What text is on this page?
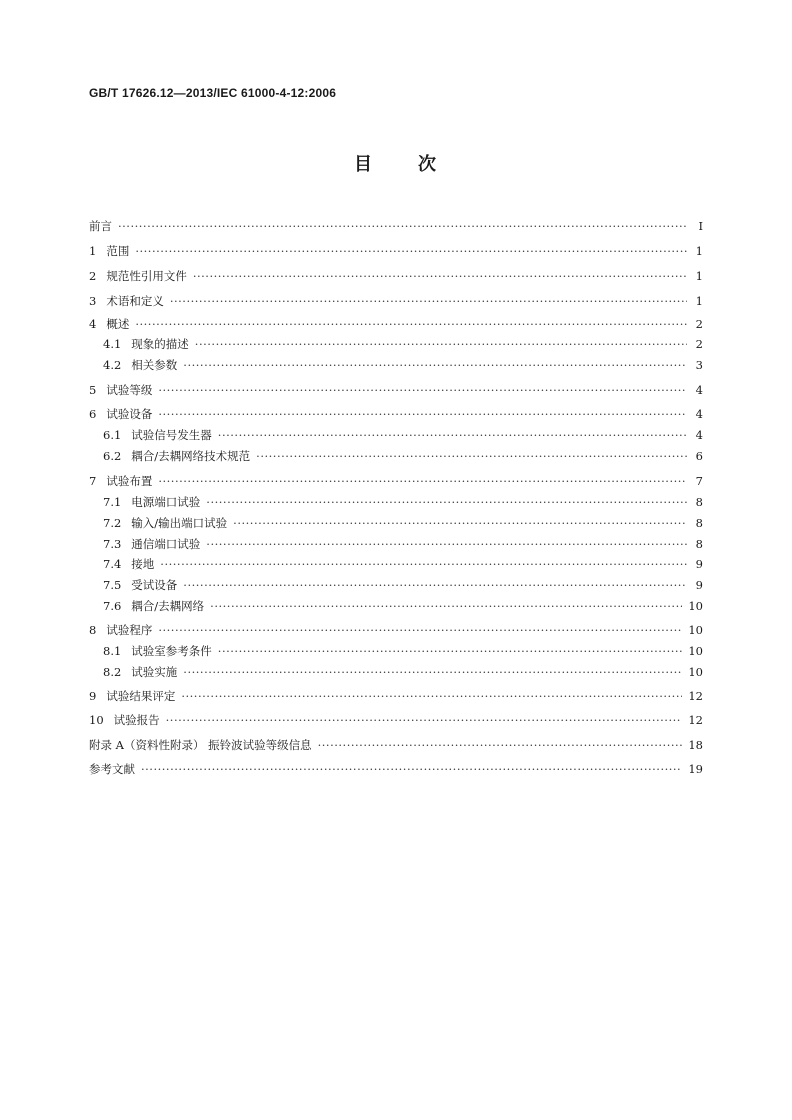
GB/T 17626.12—2013/IEC 61000-4-12:2006
目 次
前言 ·····	Ⅰ
1 范围 ·····	1
2 规范性引用文件 ·····	1
3 术语和定义 ·····	1
4 概述 ·····	2
4.1 现象的描述 ·····	2
4.2 相关参数 ·····	3
5 试验等级 ·····	4
6 试验设备 ·····	4
6.1 试验信号发生器 ·····	4
6.2 耦合/去耦网络技术规范 ·····	6
7 试验布置 ·····	7
7.1 电源端口试验 ·····	8
7.2 输入/输出端口试验 ·····	8
7.3 通信端口试验 ·····	8
7.4 接地 ·····	9
7.5 受试设备 ·····	9
7.6 耦合/去耦网络 ·····	10
8 试验程序 ·····	10
8.1 试验室参考条件 ·····	10
8.2 试验实施 ·····	10
9 试验结果评定 ·····	12
10 试验报告 ·····	12
附录 A（资料性附录） 振铃波试验等级信息 ·····	18
参考文献 ·····	19
